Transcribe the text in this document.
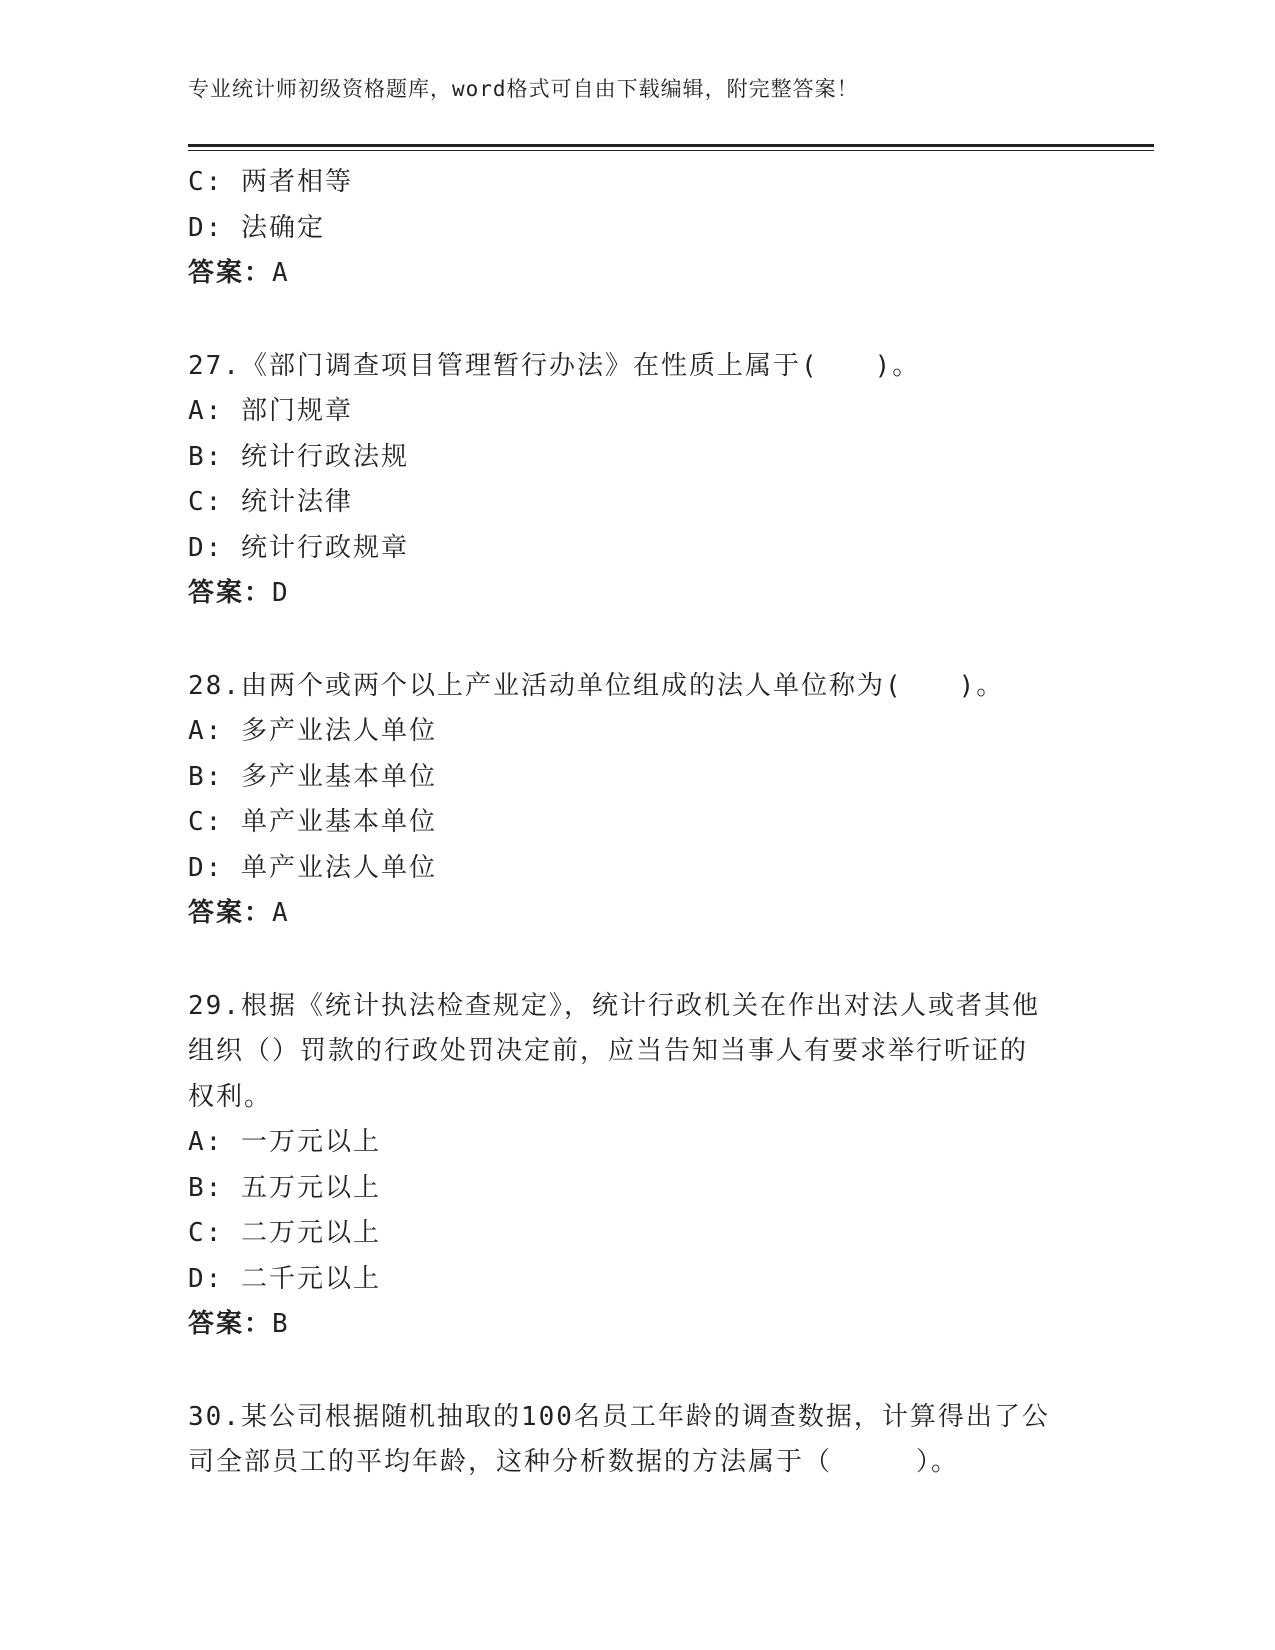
专业统计师初级资格题库，word格式可自由下载编辑，附完整答案！
C: 两者相等
D: 法确定
答案：A
27.《部门调查项目管理暂行办法》在性质上属于(　　)。
A: 部门规章
B: 统计行政法规
C: 统计法律
D: 统计行政规章
答案：D
28.由两个或两个以上产业活动单位组成的法人单位称为(　　)。
A: 多产业法人单位
B: 多产业基本单位
C: 单产业基本单位
D: 单产业法人单位
答案：A
29.根据《统计执法检查规定》，统计行政机关在作出对法人或者其他
组织（）罚款的行政处罚决定前，应当告知当事人有要求举行听证的
权利。
A: 一万元以上
B: 五万元以上
C: 二万元以上
D: 二千元以上
答案：B
30.某公司根据随机抽取的100名员工年龄的调查数据，计算得出了公
司全部员工的平均年龄，这种分析数据的方法属于（　　　）。
